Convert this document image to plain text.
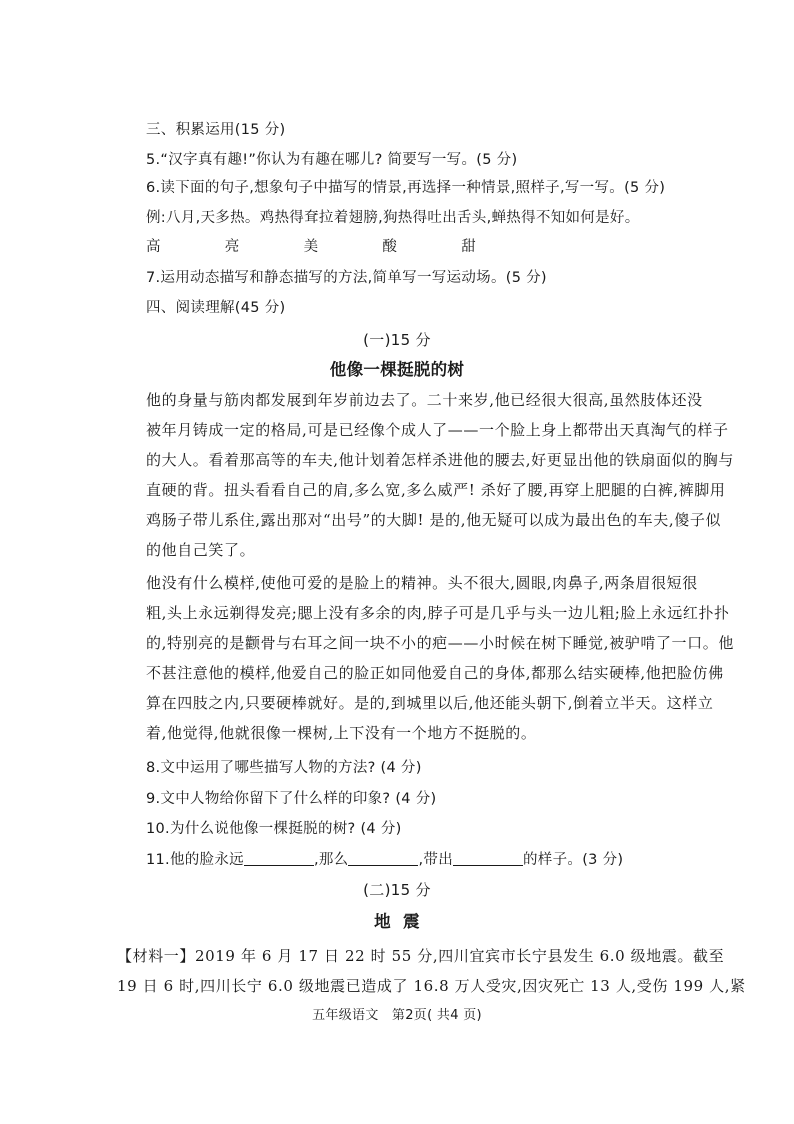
三、积累运用(15 分)
5.“汉字真有趣!”你认为有趣在哪儿? 简要写一写。(5 分)
6.读下面的句子,想象句子中描写的情景,再选择一种情景,照样子,写一写。(5 分)
例:八月,天多热。鸡热得耷拉着翅膀,狗热得吐出舌头,蝉热得不知如何是好。
高	亮	美	酸	甜
7.运用动态描写和静态描写的方法,简单写一写运动场。(5 分)
四、阅读理解(45 分)
(一)15 分
他像一棵挺脱的树
他的身量与筋肉都发展到年岁前边去了。二十来岁,他已经很大很高,虽然肢体还没
被年月铸成一定的格局,可是已经像个成人了——一个脸上身上都带出天真淘气的样子
的大人。看着那高等的车夫,他计划着怎样杀进他的腰去,好更显出他的铁扇面似的胸与
直硬的背。扭头看看自己的肩,多么宽,多么威严! 杀好了腰,再穿上肥腿的白裤,裤脚用
鸡肠子带儿系住,露出那对“出号”的大脚! 是的,他无疑可以成为最出色的车夫,傻子似
的他自己笑了。
他没有什么模样,使他可爱的是脸上的精神。头不很大,圆眼,肉鼻子,两条眉很短很
粗,头上永远剃得发亮;腮上没有多余的肉,脖子可是几乎与头一边儿粗;脸上永远红扑扑
的,特别亮的是颧骨与右耳之间一块不小的疤——小时候在树下睡觉,被驴啃了一口。他
不甚注意他的模样,他爱自己的脸正如同他爱自己的身体,都那么结实硬棒,他把脸仿佛
算在四肢之内,只要硬棒就好。是的,到城里以后,他还能头朝下,倒着立半天。这样立
着,他觉得,他就很像一棵树,上下没有一个地方不挺脱的。
8.文中运用了哪些描写人物的方法? (4 分)
9.文中人物给你留下了什么样的印象? (4 分)
10.为什么说他像一棵挺脱的树? (4 分)
11.他的脸永远	,那么	,带出	的样子。(3 分)
(二)15 分
地  震
【材料一】2019 年 6 月 17 日 22 时 55 分,四川宜宾市长宁县发生 6.0 级地震。截至
19 日 6 时,四川长宁 6.0 级地震已造成了 16.8 万人受灾,因灾死亡 13 人,受伤 199 人,紧
五年级语文   第2页( 共4 页)
